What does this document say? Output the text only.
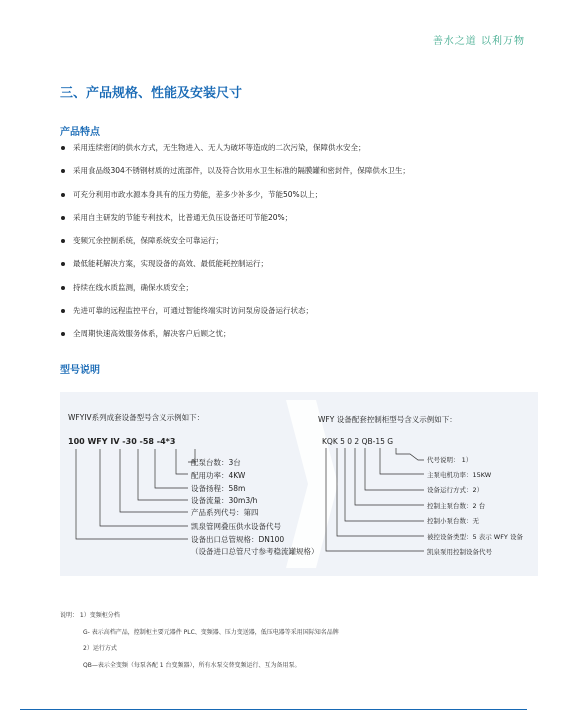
善水之道 以利万物
三、产品规格、性能及安装尺寸
产品特点
采用连续密闭的供水方式，无生物进入、无人为破坏等造成的二次污染，保障供水安全；
采用食品级304不锈钢材质的过流部件，以及符合饮用水卫生标准的隔膜罐和密封件，保障供水卫生；
可充分利用市政水源本身具有的压力势能，差多少补多少，节能50%以上；
采用自主研发的节能专利技术，比普通无负压设备还可节能20%；
变频冗余控制系统，保障系统安全可靠运行；
最低能耗解决方案，实现设备的高效、最低能耗控制运行；
持续在线水质监测，确保水质安全；
先进可靠的远程监控平台，可通过智能终端实时访问泵房设备运行状态；
全周期快速高效服务体系，解决客户后顾之忧；
型号说明
WFYIV系列成套设备型号含义示例如下：
100 WFY IV -30 -58 -4*3
配泵台数：3台
配用功率：4KW
设备扬程：58m
设备流量：30m3/h
产品系列代号：第四
凯泉管网叠压供水设备代号
设备出口总管规格：DN100
（设备进口总管尺寸参考稳流罐规格）
WFY 设备配套控制柜型号含义示例如下：
KQK 5 0 2 QB-15 G
代号说明： 1）
主泵电机功率：15KW
设备运行方式：2）
控制主泵台数：2 台
控制小泵台数：无
被控设备类型：5 表示 WFY 设备
凯泉泵用控制设备代号
说明： 1）变频柜分档
G- 表示高档产品，控制柜主要元器件 PLC、变频器、压力变送器，低压电器等采用国际知名品牌
2）运行方式
QB—表示全变频（每泵各配 1 台变频器），所有水泵交替变频运行、互为备用泵。
